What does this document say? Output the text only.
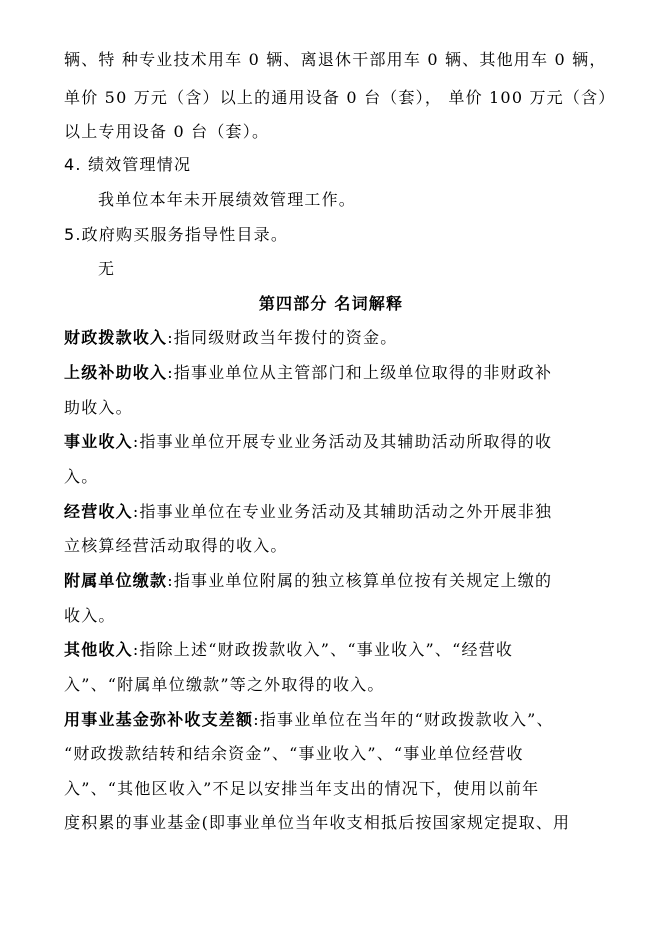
辆、特 种专业技术用车 0 辆、离退休干部用车 0 辆、其他用车 0 辆，
单价 50 万元（含）以上的通用设备 0 台（套）， 单价 100 万元（含）
以上专用设备 0 台（套）。
4. 绩效管理情况
我单位本年未开展绩效管理工作。
5.政府购买服务指导性目录。
无
第四部分 名词解释
财政拨款收入:指同级财政当年拨付的资金。
上级补助收入:指事业单位从主管部门和上级单位取得的非财政补
助收入。
事业收入:指事业单位开展专业业务活动及其辅助活动所取得的收
入。
经营收入:指事业单位在专业业务活动及其辅助活动之外开展非独
立核算经营活动取得的收入。
附属单位缴款:指事业单位附属的独立核算单位按有关规定上缴的
收入。
其他收入:指除上述“财政拨款收入”、“事业收入”、“经营收
入”、“附属单位缴款”等之外取得的收入。
用事业基金弥补收支差额:指事业单位在当年的“财政拨款收入”、
“财政拨款结转和结余资金”、“事业收入”、“事业单位经营收
入”、“其他区收入”不足以安排当年支出的情况下，使用以前年
度积累的事业基金(即事业单位当年收支相抵后按国家规定提取、用
